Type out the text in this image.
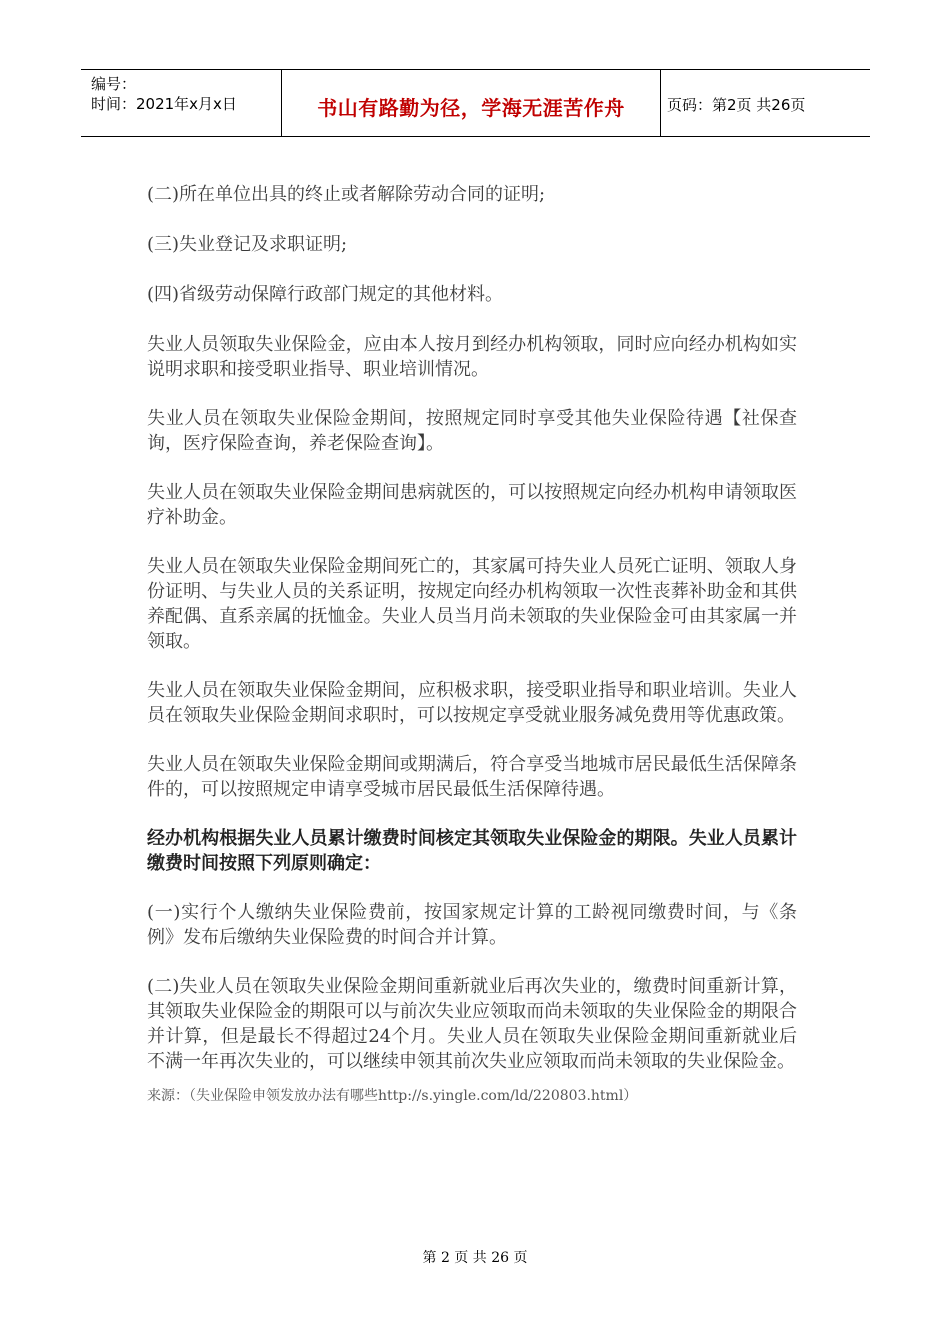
编号：
时间：2021年x月x日	书山有路勤为径，学海无涯苦作舟	页码：第2页 共26页

(二)所在单位出具的终止或者解除劳动合同的证明;

(三)失业登记及求职证明;

(四)省级劳动保障行政部门规定的其他材料。

失业人员领取失业保险金，应由本人按月到经办机构领取，同时应向经办机构如实说明求职和接受职业指导、职业培训情况。

失业人员在领取失业保险金期间，按照规定同时享受其他失业保险待遇【社保查询，医疗保险查询，养老保险查询】。

失业人员在领取失业保险金期间患病就医的，可以按照规定向经办机构申请领取医疗补助金。

失业人员在领取失业保险金期间死亡的，其家属可持失业人员死亡证明、领取人身份证明、与失业人员的关系证明，按规定向经办机构领取一次性丧葬补助金和其供养配偶、直系亲属的抚恤金。失业人员当月尚未领取的失业保险金可由其家属一并领取。

失业人员在领取失业保险金期间，应积极求职，接受职业指导和职业培训。失业人员在领取失业保险金期间求职时，可以按规定享受就业服务减免费用等优惠政策。

失业人员在领取失业保险金期间或期满后，符合享受当地城市居民最低生活保障条件的，可以按照规定申请享受城市居民最低生活保障待遇。

经办机构根据失业人员累计缴费时间核定其领取失业保险金的期限。失业人员累计缴费时间按照下列原则确定：

(一)实行个人缴纳失业保险费前，按国家规定计算的工龄视同缴费时间，与《条例》发布后缴纳失业保险费的时间合并计算。

(二)失业人员在领取失业保险金期间重新就业后再次失业的，缴费时间重新计算，其领取失业保险金的期限可以与前次失业应领取而尚未领取的失业保险金的期限合并计算，但是最长不得超过24个月。失业人员在领取失业保险金期间重新就业后不满一年再次失业的，可以继续申领其前次失业应领取而尚未领取的失业保险金。

来源：（失业保险申领发放办法有哪些http://s.yingle.com/ld/220803.html）
第 2 页 共 26 页
